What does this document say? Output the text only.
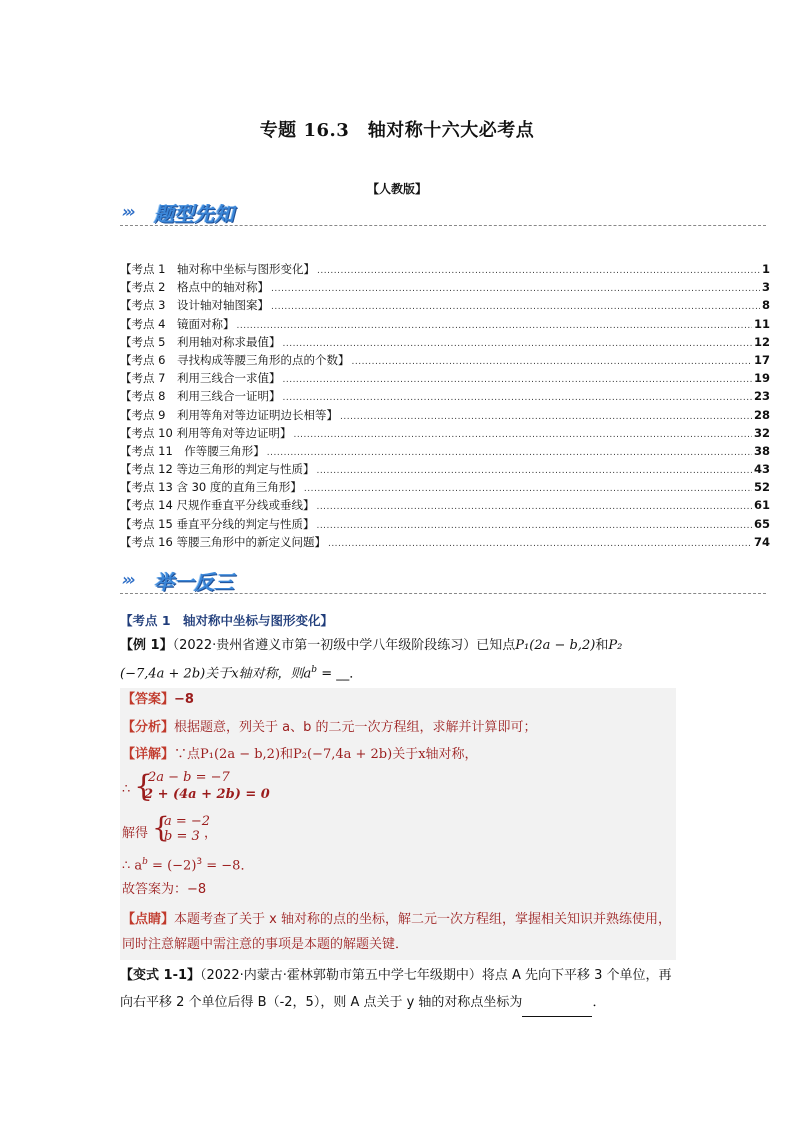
专题 16.3　轴对称十六大必考点
【人教版】
››› 题型先知
【考点 1　轴对称中坐标与图形变化】 .....	1
【考点 2　格点中的轴对称】 .....	3
【考点 3　设计轴对轴图案】 .....	8
【考点 4　镜面对称】 .....	11
【考点 5　利用轴对称求最值】 .....	12
【考点 6　寻找构成等腰三角形的点的个数】 .....	17
【考点 7　利用三线合一求值】 .....	19
【考点 8　利用三线合一证明】 .....	23
【考点 9　利用等角对等边证明边长相等】 .....	28
【考点 10 利用等角对等边证明】 .....	32
【考点 11　作等腰三角形】 .....	38
【考点 12 等边三角形的判定与性质】 .....	43
【考点 13 含 30 度的直角三角形】 .....	52
【考点 14 尺规作垂直平分线或垂线】 .....	61
【考点 15 垂直平分线的判定与性质】 .....	65
【考点 16 等腰三角形中的新定义问题】 .....	74
››› 举一反三
【考点 1　轴对称中坐标与图形变化】
【例 1】（2022·贵州省遵义市第一初级中学八年级阶段练习）已知点P₁(2a − b,2)和P₂
(−7,4a + 2b)关于x轴对称，则$a^b$ = __．
【答案】−8
【分析】根据题意，列关于 a、b 的二元一次方程组，求解并计算即可；
【详解】∵点P₁(2a − b,2)和P₂(−7,4a + 2b)关于x轴对称，
∴ {
2a − b = −7
2 + (4a + 2b) = 0
解得 {
a = −2
b = 3 ，
∴ $a^b = (-2)^3 = -8$．
故答案为：−8
【点睛】本题考查了关于 x 轴对称的点的坐标，解二元一次方程组，掌握相关知识并熟练使用，同时注意解题中需注意的事项是本题的解题关键．
【变式 1-1】（2022·内蒙古·霍林郭勒市第五中学七年级期中）将点 A 先向下平移 3 个单位，再向右平移 2 个单位后得 B（-2，5），则 A 点关于 y 轴的对称点坐标为	．
